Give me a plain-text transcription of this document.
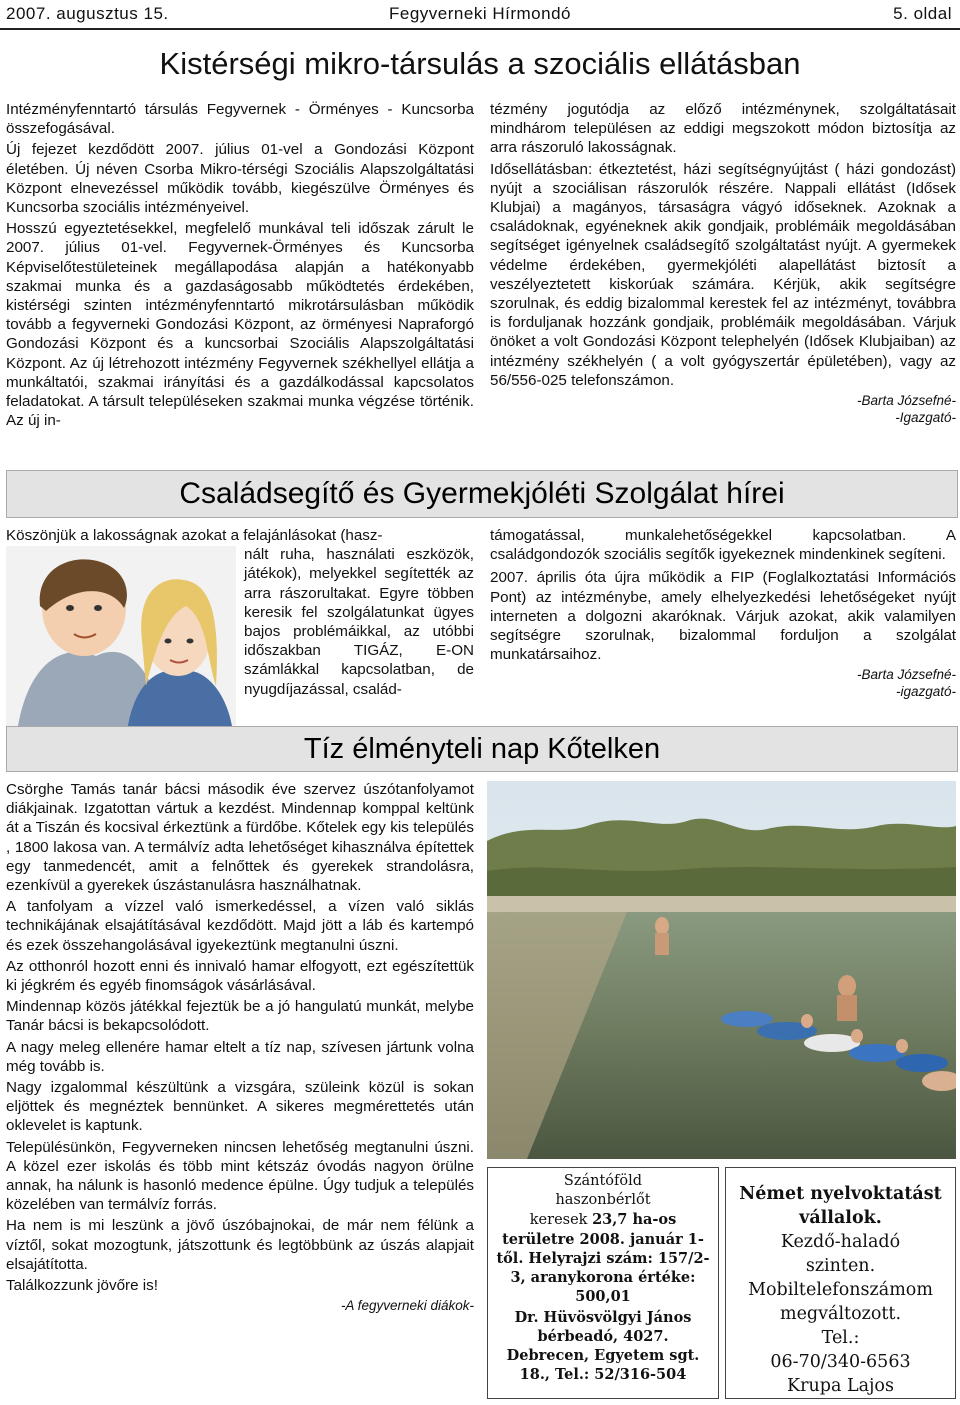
2007. augusztus 15.	Fegyverneki Hírmondó	5. oldal
Kistérségi mikro-társulás a szociális ellátásban

Intézményfenntartó társulás Fegyvernek - Örményes - Kuncsorba összefogásával.

Új fejezet kezdődött 2007. július 01-vel a Gondozási Központ életében. Új néven Csorba Mikro-térségi Szociális Alapszolgáltatási Központ elnevezéssel működik tovább, kiegészülve Örményes és Kuncsorba szociális intézményeivel.

Hosszú egyeztetésekkel, megfelelő munkával teli időszak zárult le 2007. július 01-vel. Fegyvernek-Örményes és Kuncsorba Képviselőtestületeinek megállapodása alapján a hatékonyabb szakmai munka és a gazdaságosabb működtetés érdekében, kistérségi szinten intézményfenntartó mikrotársulásban működik tovább a fegyverneki Gondozási Központ, az örményesi Napraforgó Gondozási Központ és a kuncsorbai Szociális Alapszolgáltatási Központ. Az új létrehozott intézmény Fegyvernek székhellyel ellátja a munkáltatói, szakmai irányítási és a gazdálkodással kapcsolatos feladatokat. A társult településeken szakmai munka végzése történik. Az új in-

tézmény jogutódja az előző intézménynek, szolgáltatásait mindhárom településen az eddigi megszokott módon biztosítja az arra rászoruló lakosságnak.

Idősellátásban: étkeztetést, házi segítségnyújtást ( házi gondozást) nyújt a szociálisan rászorulók részére. Nappali ellátást (Idősek Klubjai) a magányos, társaságra vágyó időseknek. Azoknak a családoknak, egyéneknek akik gondjaik, problémáik megoldásában segítséget igényelnek családsegítő szolgáltatást nyújt. A gyermekek védelme érdekében, gyermekjóléti alapellátást biztosít a veszélyeztetett kiskorúak számára. Kérjük, akik segítségre szorulnak, és eddig bizalommal kerestek fel az intézményt, továbbra is forduljanak hozzánk gondjaik, problémáik megoldásában. Várjuk önöket a volt Gondozási Központ telephelyén (Idősek Klubjaiban) az intézmény székhelyén ( a volt gyógyszertár épületében), vagy az 56/556-025 telefonszámon.

-Barta Józsefné-
-Igazgató-
Családsegítő és Gyermekjóléti Szolgálat hírei
Köszönjük a lakosságnak azokat a felajánlásokat (hasz-
nált ruha, használati eszközök, játékok), melyekkel segítették az arra rászorultakat. Egyre többen keresik fel szolgálatunkat ügyes bajos problémáikkal, az utóbbi időszakban TIGÁZ, E-ON számlákkal kapcsolatban, de nyugdíjazással, család-

támogatással, munkalehetőségekkel kapcsolatban. A családgondozók szociális segítők igyekeznek mindenkinek segíteni.

2007. április óta újra működik a FIP (Foglalkoztatási Információs Pont) az intézménybe, amely elhelyezkedési lehetőségeket nyújt interneten a dolgozni akaróknak. Várjuk azokat, akik valamilyen segítségre szorulnak, bizalommal forduljon a szolgálat munkatársaihoz.

-Barta Józsefné-
-igazgató-
Tíz élményteli nap Kőtelken

Csörghe Tamás tanár bácsi második éve szervez úszótanfolyamot diákjainak. Izgatottan vártuk a kezdést. Mindennap komppal keltünk át a Tiszán és kocsival érkeztünk a fürdőbe. Kőtelek egy kis település , 1800 lakosa van. A termálvíz adta lehetőséget kihasználva építettek egy tanmedencét, amit a felnőttek és gyerekek strandolásra, ezenkívül a gyerekek úszástanulásra használhatnak.

A tanfolyam a vízzel való ismerkedéssel, a vízen való siklás technikájának elsajátításával kezdődött. Majd jött a láb és kartempó és ezek összehangolásával igyekeztünk megtanulni úszni.

Az otthonról hozott enni és innivaló hamar elfogyott, ezt egészítettük ki jégkrém és egyéb finomságok vásárlásával.

Mindennap közös játékkal fejeztük be a jó hangulatú munkát, melybe Tanár bácsi is bekapcsolódott.

A nagy meleg ellenére hamar eltelt a tíz nap, szívesen jártunk volna még tovább is.

Nagy izgalommal készültünk a vizsgára, szüleink közül is sokan eljöttek és megnéztek bennünket. A sikeres megmérettetés után oklevelet is kaptunk.

Településünkön, Fegyverneken nincsen lehetőség megtanulni úszni. A közel ezer iskolás és több mint kétszáz óvodás nagyon örülne annak, ha nálunk is hasonló medence épülne. Úgy tudjuk a település közelében van termálvíz forrás.

Ha nem is mi leszünk a jövő úszóbajnokai, de már nem félünk a víztől, sokat mozogtunk, játszottunk és legtöbbünk az úszás alapjait elsajátította.

Találkozzunk jövőre is!

-A fegyverneki diákok-
Szántóföld
haszonbérlőt
keresek 23,7 ha-os
területre 2008. január 1-től. Helyrajzi szám: 157/2-3, aranykorona értéke: 500,01
Dr. Hüvösvölgyi János bérbeadó, 4027. Debrecen, Egyetem sgt. 18., Tel.: 52/316-504
Német nyelvoktatást vállalok.
Kezdő-haladó
szinten.
Mobiltelefonszámom
megváltozott.
Tel.:
06-70/340-6563
Krupa Lajos
